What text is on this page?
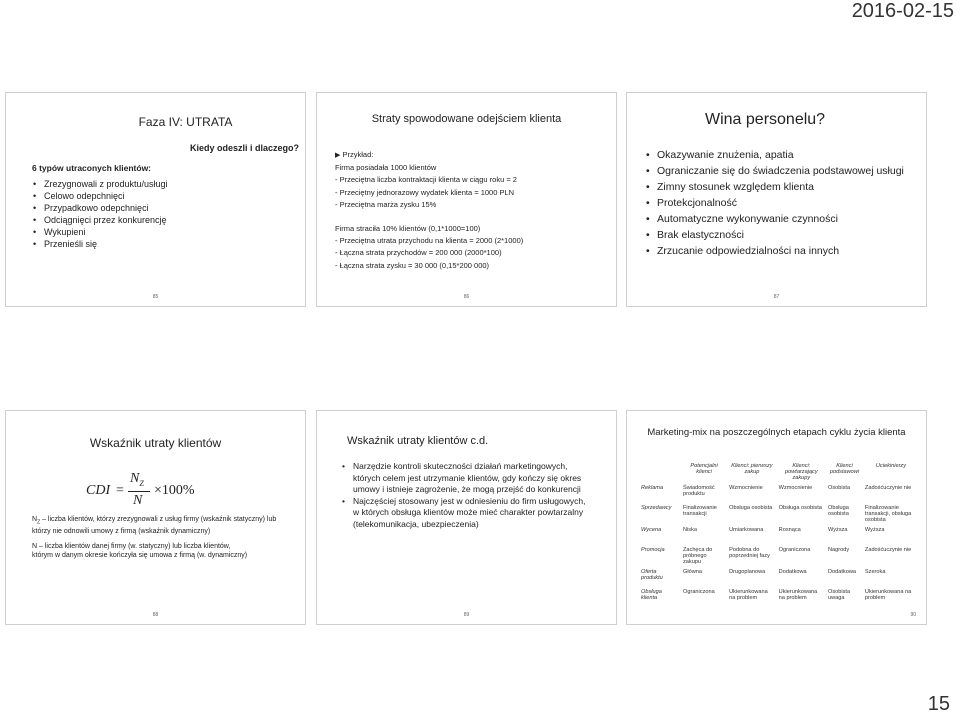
2016-02-15
Faza IV: UTRATA
Kiedy odeszli i dlaczego?
6 typów utraconych klientów:
• Zrezygnowali z produktu/usługi
• Celowo odepchnięci
• Przypadkowo odepchnięci
• Odciągnięci przez konkurencję
• Wykupieni
• Przenieśli się
85
Straty spowodowane odejściem klienta
▶ Przykład:
Firma posiadała 1000 klientów
- Przeciętna liczba kontraktacji klienta w ciągu roku = 2
- Przeciętny jednorazowy wydatek klienta = 1000 PLN
- Przeciętna marża zysku 15%
Firma straciła 10% klientów (0,1*1000=100)
- Przeciętna utrata przychodu na klienta = 2000 (2*1000)
- Łączna strata przychodów = 200 000 (2000*100)
- Łączna strata zysku = 30 000 (0,15*200 000)
86
Wina personelu?
• Okazywanie znużenia, apatia
• Ograniczanie się do świadczenia podstawowej usługi
• Zimny stosunek względem klienta
• Protekcjonalność
• Automatyczne wykonywanie czynności
• Brak elastyczności
• Zrzucanie odpowiedzialności na innych
87
Wskaźnik utraty klientów
CDI =
$N_Z$
N
×100%
$N_Z$ – liczba klientów, którzy zrezygnowali z usług firmy (wskaźnik statyczny) lub którzy nie odnowili umowy z firmą (wskaźnik dynamiczny)
N – liczba klientów danej firmy (w. statyczny) lub liczba klientów, którym w danym okresie kończyła się umowa z firmą (w. dynamiczny)
88
Wskaźnik utraty klientów c.d.
• Narzędzie kontroli skuteczności działań marketingowych, których celem jest utrzymanie klientów, gdy kończy się okres umowy i istnieje zagrożenie, że mogą przejść do konkurencji
• Najczęściej stosowany jest w odniesieniu do firm usługowych, w których obsługa klientów może mieć charakter powtarzalny (telekomunikacja, ubezpieczenia)
89
Marketing-mix na poszczególnych etapach cyklu życia klienta
	Potencjalni klienci	Klienci: pierwszy zakup	Klienci: powtarzający zakupy	Klienci podstawowi	Uciekinierzy
Reklama	Świadomość produktu	Wzmocnienie	Wzmocnienie	Osobista	Zadośćuczynie nie
Sprzedawcy	Finalizowanie transakcji	Obsługa osobista	Obsługa osobista	Obsługa osobista	Finalizowanie transakcji, obsługa osobista
Wycena	Niska	Umiarkowana	Rosnąca	Wyższa	Wyższa
Promocja	Zachęca do próbnego zakupu	Podobna do poprzedniej fazy	Ograniczona	Nagrody	Zadośćuczynie nie
Oferta produktu	Główna	Drugoplanowa	Dodatkowa	Dodatkowa	Szeroka
Obsługa klienta	Ograniczona	Ukierunkowana na problem	Ukierunkowana na problem	Osobista uwaga	Ukierunkowana na problem
90
15
